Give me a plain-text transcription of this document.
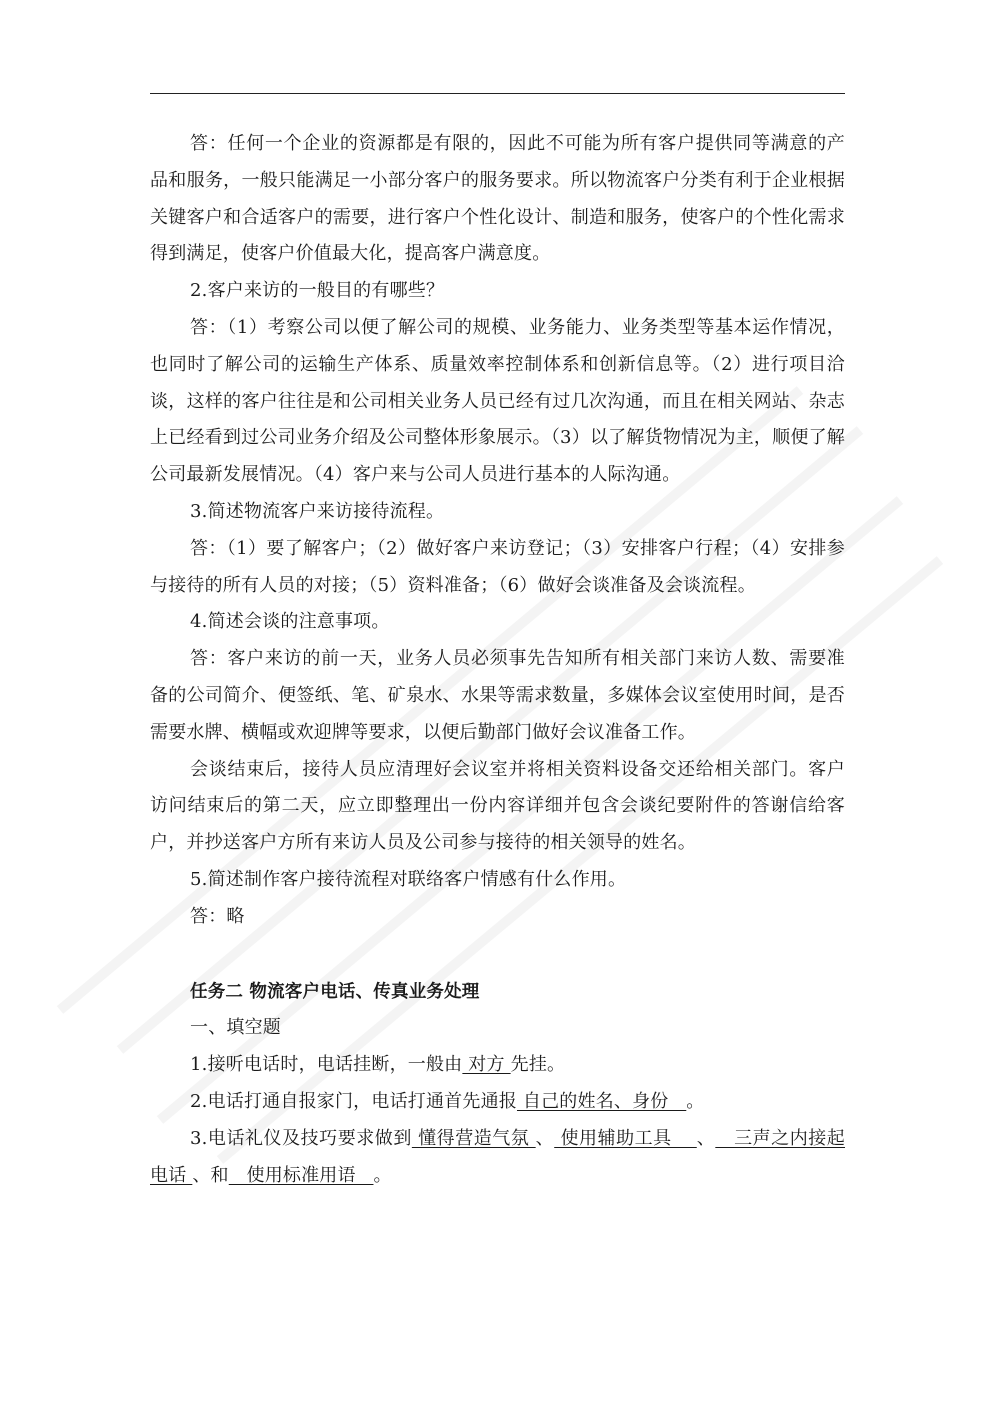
答：任何一个企业的资源都是有限的，因此不可能为所有客户提供同等满意的产品和服务，一般只能满足一小部分客户的服务要求。所以物流客户分类有利于企业根据关键客户和合适客户的需要，进行客户个性化设计、制造和服务，使客户的个性化需求得到满足，使客户价值最大化，提高客户满意度。

2.客户来访的一般目的有哪些？

答：（1）考察公司以便了解公司的规模、业务能力、业务类型等基本运作情况，也同时了解公司的运输生产体系、质量效率控制体系和创新信息等。（2）进行项目洽谈，这样的客户往往是和公司相关业务人员已经有过几次沟通，而且在相关网站、杂志上已经看到过公司业务介绍及公司整体形象展示。（3）以了解货物情况为主，顺便了解公司最新发展情况。（4）客户来与公司人员进行基本的人际沟通。

3.简述物流客户来访接待流程。

答：（1）要了解客户；（2）做好客户来访登记；（3）安排客户行程；（4）安排参与接待的所有人员的对接；（5）资料准备；（6）做好会谈准备及会谈流程。

4.简述会谈的注意事项。

答：客户来访的前一天，业务人员必须事先告知所有相关部门来访人数、需要准备的公司简介、便签纸、笔、矿泉水、水果等需求数量，多媒体会议室使用时间，是否需要水牌、横幅或欢迎牌等要求，以便后勤部门做好会议准备工作。

会谈结束后，接待人员应清理好会议室并将相关资料设备交还给相关部门。客户访问结束后的第二天，应立即整理出一份内容详细并包含会谈纪要附件的答谢信给客户，并抄送客户方所有来访人员及公司参与接待的相关领导的姓名。

5.简述制作客户接待流程对联络客户情感有什么作用。

答：略

任务二 物流客户电话、传真业务处理

一、填空题

1.接听电话时，电话挂断，一般由 对方 先挂。

2.电话打通自报家门，电话打通首先通报 自己的姓名、身份   。

3.电话礼仪及技巧要求做到 懂得营造气氛 、 使用辅助工具    、   三声之内接起电话 、和   使用标准用语   。
